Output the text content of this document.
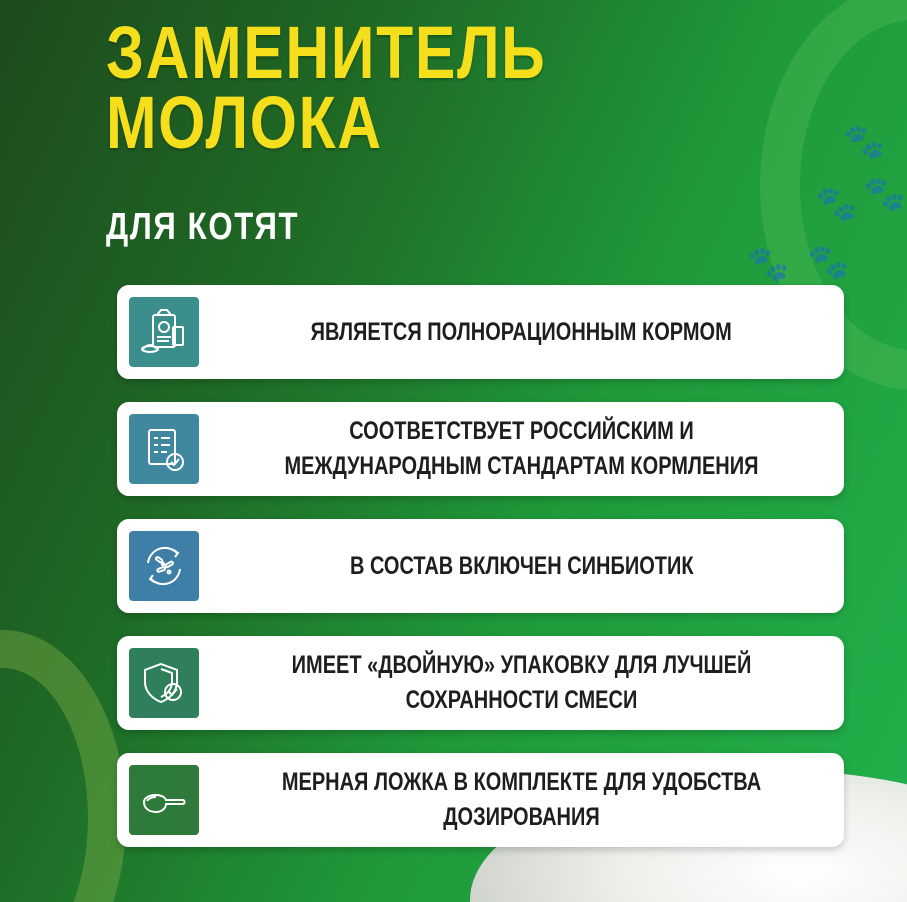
🐾
🐾 🐾
🐾 🐾
ЗАМЕНИТЕЛЬ
МОЛОКА
ДЛЯ КОТЯТ
ЯВЛЯЕТСЯ ПОЛНОРАЦИОННЫМ КОРМОМ
СООТВЕТСТВУЕТ РОССИЙСКИМ И МЕЖДУНАРОДНЫМ СТАНДАРТАМ КОРМЛЕНИЯ
В СОСТАВ ВКЛЮЧЕН СИНБИОТИК
ИМЕЕТ «ДВОЙНУЮ» УПАКОВКУ ДЛЯ ЛУЧШЕЙ СОХРАННОСТИ СМЕСИ
МЕРНАЯ ЛОЖКА В КОМПЛЕКТЕ ДЛЯ УДОБСТВА ДОЗИРОВАНИЯ
